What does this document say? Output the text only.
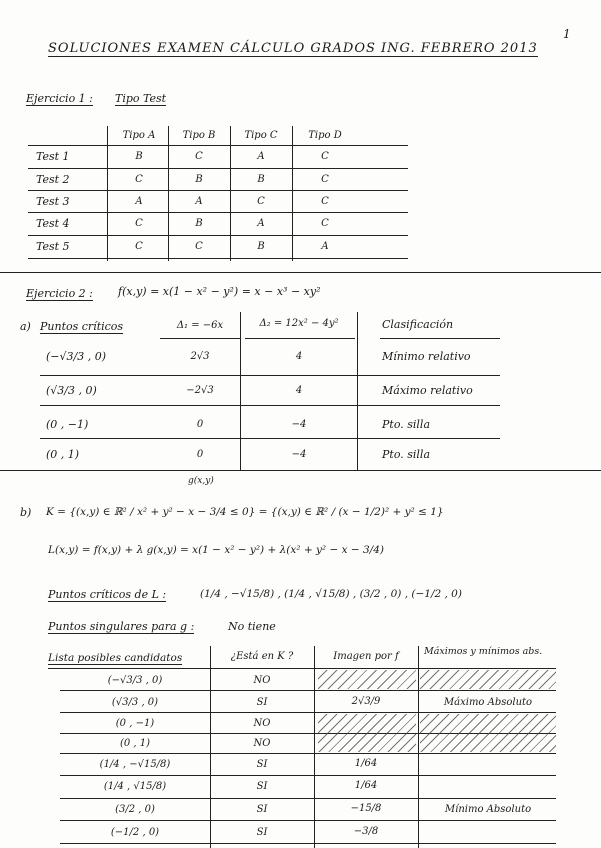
1
SOLUCIONES EXAMEN CÁLCULO GRADOS ING. FEBRERO 2013
Ejercicio 1 : Tipo Test
Tipo A	Tipo B	Tipo C	Tipo D
Test 1	B	C	A	C
Test 2	C	B	B	C
Test 3	A	A	C	C
Test 4	C	B	A	C
Test 5	C	C	B	A
Ejercicio 2 : f(x,y) = x(1 − x² − y²) = x − x³ − xy²
a) Puntos críticos	Δ₁ = −6x	Δ₂ = 12x² − 4y²	Clasificación
(−√3/3 , 0)	2√3	4	Mínimo relativo
(√3/3 , 0)	−2√3	4	Máximo relativo
(0 , −1)	0	−4	Pto. silla
(0 , 1)	0	−4	Pto. silla
g(x,y)
b) K = {(x,y) ∈ ℝ² / x² + y² − x − 3/4 ≤ 0} = {(x,y) ∈ ℝ² / (x − 1/2)² + y² ≤ 1}
L(x,y) = f(x,y) + λ g(x,y) = x(1 − x² − y²) + λ(x² + y² − x − 3/4)
Puntos críticos de L :	(1/4 , −√15/8) , (1/4 , √15/8) , (3/2 , 0) , (−1/2 , 0)
Puntos singulares para g :	No tiene
Lista posibles candidatos	¿Está en K ?	Imagen por f	Máximos y mínimos abs.
(−√3/3 , 0)	NO
(√3/3 , 0)	SI	2√3/9	Máximo Absoluto
(0 , −1)	NO
(0 , 1)	NO
(1/4 , −√15/8)	SI	1/64
(1/4 , √15/8)	SI	1/64
(3/2 , 0)	SI	−15/8	Mínimo Absoluto
(−1/2 , 0)	SI	−3/8
